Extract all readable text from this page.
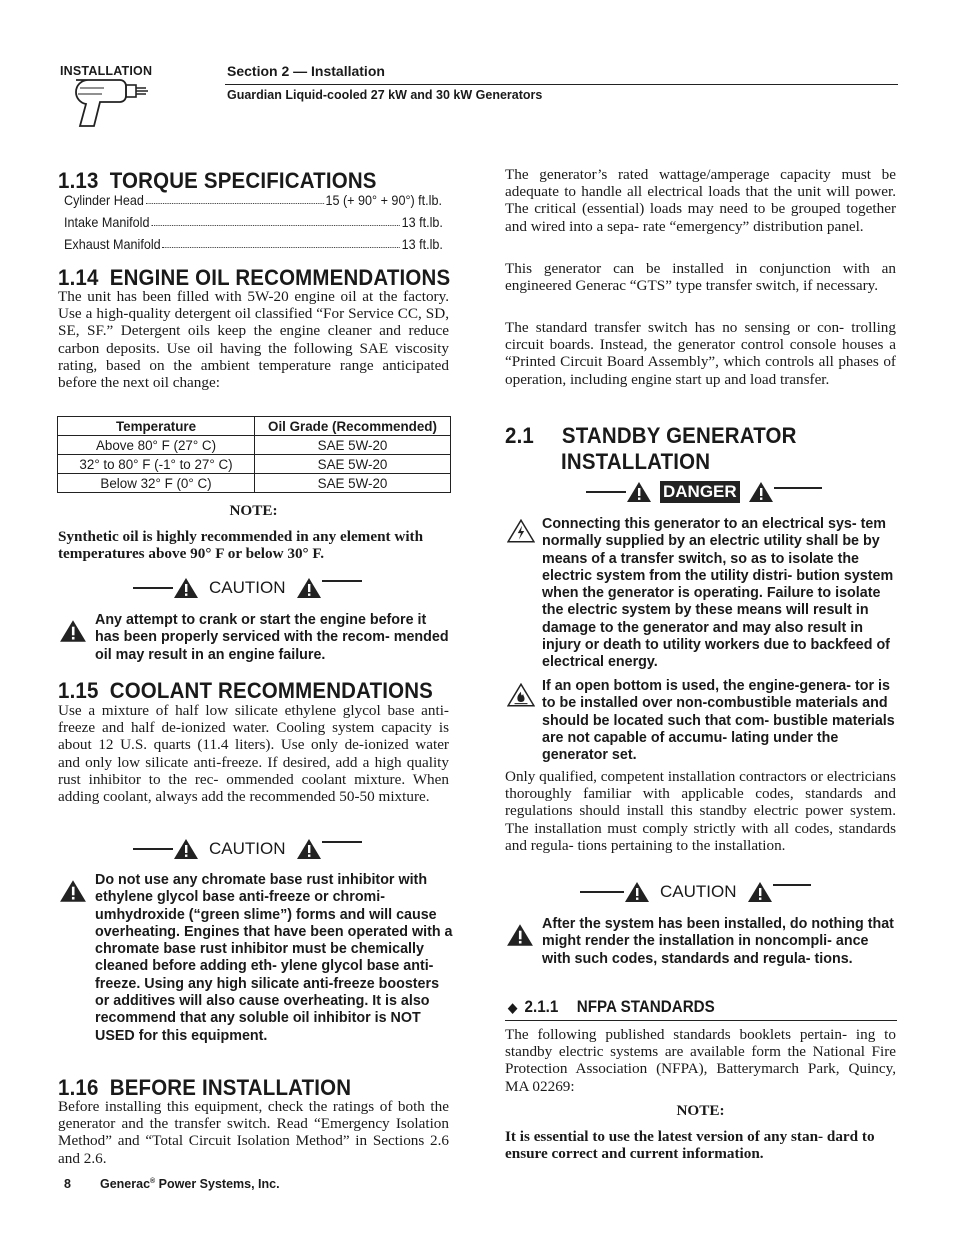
INSTALLATION	Section 2 — Installation
Guardian Liquid-cooled 27 kW and 30 kW Generators
1.13 TORQUE SPECIFICATIONS
Cylinder Head	15 (+ 90° + 90°) ft.lb.
Intake Manifold	13 ft.lb.
Exhaust Manifold	13 ft.lb.
1.14 ENGINE OIL RECOMMENDATIONS
The unit has been filled with 5W-20 engine oil at the factory. Use a high-quality detergent oil classified “For Service CC, SD, SE, SF.” Detergent oils keep the engine cleaner and reduce carbon deposits. Use oil having the following SAE viscosity rating, based on the ambient temperature range anticipated before the next oil change:
Temperature	Oil Grade (Recommended)
Above 80° F (27° C)	SAE 5W-20
32° to 80° F (-1° to 27° C)	SAE 5W-20
Below 32° F (0° C)	SAE 5W-20
NOTE:
Synthetic oil is highly recommended in any element with temperatures above 90° F or below 30° F.
CAUTION
Any attempt to crank or start the engine before it has been properly serviced with the recom- mended oil may result in an engine failure.
1.15 COOLANT RECOMMENDATIONS
Use a mixture of half low silicate ethylene glycol base anti-freeze and half de-ionized water. Cooling system capacity is about 12 U.S. quarts (11.4 liters). Use only de-ionized water and only low silicate anti-freeze. If desired, add a high quality rust inhibitor to the rec- ommended coolant mixture. When adding coolant, always add the recommended 50-50 mixture.
CAUTION
Do not use any chromate base rust inhibitor with ethylene glycol base anti-freeze or chromi- umhydroxide (“green slime”) forms and will cause overheating. Engines that have been operated with a chromate base rust inhibitor must be chemically cleaned before adding eth- ylene glycol base anti-freeze. Using any high silicate anti-freeze boosters or additives will also cause overheating. It is also recommend that any soluble oil inhibitor is NOT USED for this equipment.
1.16 BEFORE INSTALLATION
Before installing this equipment, check the ratings of both the generator and the transfer switch. Read “Emergency Isolation Method” and “Total Circuit Isolation Method” in Sections 2.6 and 2.6.
The generator’s rated wattage/amperage capacity must be adequate to handle all electrical loads that the unit will power. The critical (essential) loads may need to be grouped together and wired into a sepa- rate “emergency” distribution panel.
This generator can be installed in conjunction with an engineered Generac “GTS” type transfer switch, if necessary.
The standard transfer switch has no sensing or con- trolling circuit boards. Instead, the generator control console houses a “Printed Circuit Board Assembly”, which controls all phases of operation, including engine start up and load transfer.
2.1 STANDBY GENERATOR
INSTALLATION
DANGER
Connecting this generator to an electrical sys- tem normally supplied by an electric utility shall be by means of a transfer switch, so as to isolate the electric system from the utility distri- bution system when the generator is operating. Failure to isolate the electric system by these means will result in damage to the generator and may also result in injury or death to utility workers due to backfeed of electrical energy.
If an open bottom is used, the engine-genera- tor is to be installed over non-combustible materials and should be located such that com- bustible materials are not capable of accumu- lating under the generator set.
Only qualified, competent installation contractors or electricians thoroughly familiar with applicable codes, standards and regulations should install this standby electric power system. The installation must comply strictly with all codes, standards and regula- tions pertaining to the installation.
CAUTION
After the system has been installed, do nothing that might render the installation in noncompli- ance with such codes, standards and regula- tions.
◆ 2.1.1 NFPA STANDARDS
The following published standards booklets pertain- ing to standby electric systems are available form the National Fire Protection Association (NFPA), Batterymarch Park, Quincy, MA 02269:
NOTE:
It is essential to use the latest version of any stan- dard to ensure correct and current information.
8 Generac® Power Systems, Inc.
